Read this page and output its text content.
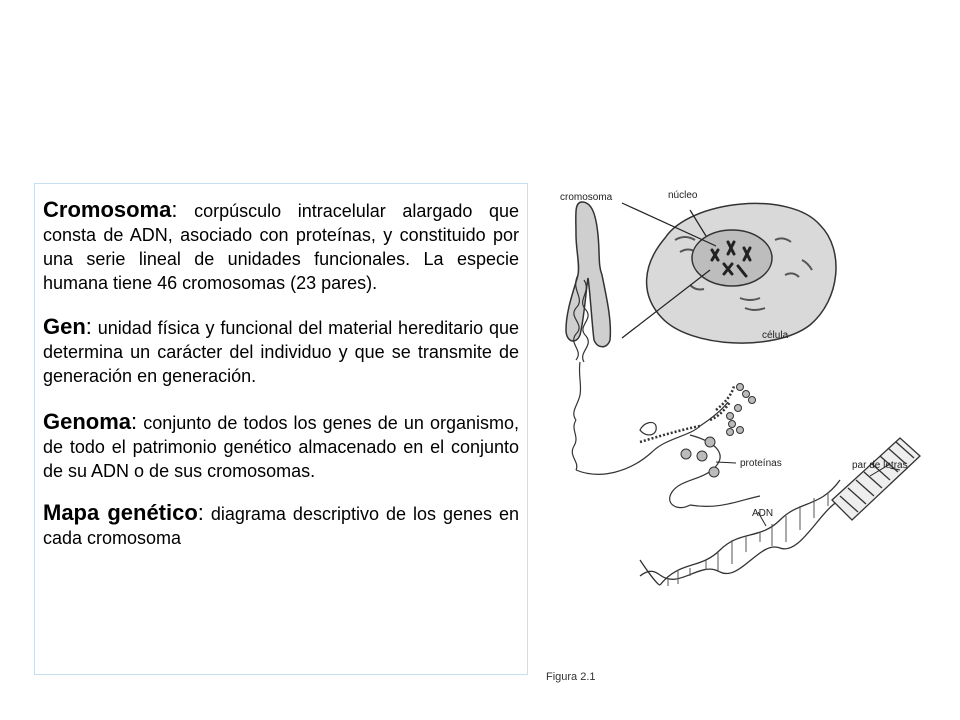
Cromosoma: corpúsculo intracelular alargado que consta de ADN, asociado con proteínas, y constituido por una serie lineal de unidades funcionales. La especie humana tiene 46 cromosomas (23 pares).

Gen: unidad física y funcional del material hereditario que determina un carácter del individuo y que se transmite de generación en generación.

Genoma: conjunto de todos los genes de un organismo, de todo el patrimonio genético almacenado en el conjunto de su ADN o de sus cromosomas.

Mapa genético: diagrama descriptivo de los genes en cada cromosoma

cromosoma	núcleo
célula
proteínas	par de letras
ADN
Figura 2.1
